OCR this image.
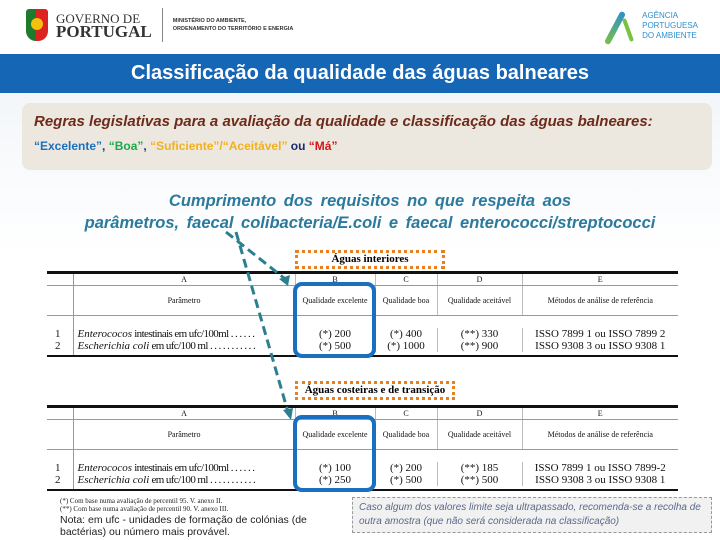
GOVERNO DE
PORTUGAL
MINISTÉRIO DO AMBIENTE,
ORDENAMENTO DO TERRITÓRIO E ENERGIA
AGÊNCIA
PORTUGUESA
DO AMBIENTE
Classificação da qualidade das águas balneares
Regras legislativas para a avaliação da qualidade e classificação das águas balneares:
“Excelente”, “Boa”, “Suficiente”/“Aceitável” ou “Má”
Cumprimento dos requisitos no que respeita aos
parâmetros, faecal colibacteria/E.coli e faecal enterococci/streptococci
Águas interiores
Águas costeiras e de transição
	A	B	C	D	E
	Parâmetro	Qualidade excelente	Qualidade boa	Qualidade aceitável	Métodos de análise de referência

1	Enterococos intestinais em ufc/100ml . . . . . .	(*) 200	(*) 400	(**) 330	ISSO 7899 1 ou ISSO 7899 2
2	Escherichia coli em ufc/100 ml . . . . . . . . . . .	(*) 500	(*) 1000	(**) 900	ISSO 9308 3 ou ISSO 9308 1

	A	B	C	D	E
	Parâmetro	Qualidade excelente	Qualidade boa	Qualidade aceitável	Métodos de análise de referência

1	Enterococos intestinais em ufc/100ml . . . . . .	(*) 100	(*) 200	(**) 185	ISSO 7899 1 ou ISSO 7899-2
2	Escherichia coli em ufc/100 ml . . . . . . . . . . .	(*) 250	(*) 500	(**) 500	ISSO 9308 3 ou ISSO 9308 1

(*) Com base numa avaliação de percentil 95. V. anexo II.
(**) Com base numa avaliação de percentil 90. V. anexo III.
Nota: em ufc - unidades de formação de colónias (de bactérias) ou número mais provável.
Caso algum dos valores limite seja ultrapassado, recomenda-se a recolha de outra amostra (que não será considerada na classificação)
